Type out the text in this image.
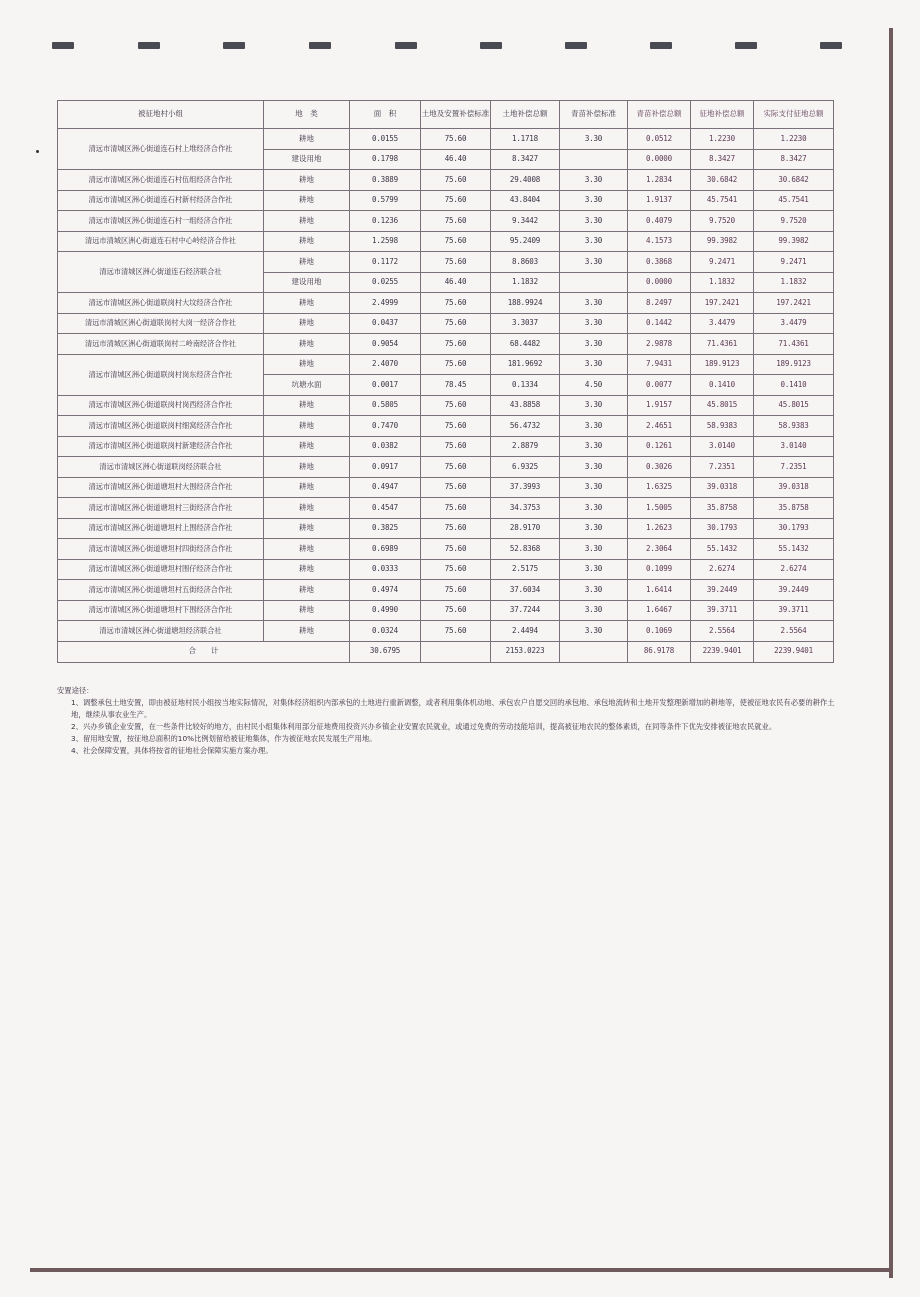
被征地村小组	地　类	面　积	土地及安置补偿标准	土地补偿总额	青苗补偿标准	青苗补偿总额	征地补偿总额	实际支付征地总额
清远市清城区洲心街道连石村上堆经济合作社	耕地	0.0155	75.60	1.1718	3.30	0.0512	1.2230	1.2230
	建设用地	0.1798	46.40	8.3427		0.0000	8.3427	8.3427
清远市清城区洲心街道连石村伍组经济合作社	耕地	0.3889	75.60	29.4008	3.30	1.2834	30.6842	30.6842
清远市清城区洲心街道连石村新村经济合作社	耕地	0.5799	75.60	43.8404	3.30	1.9137	45.7541	45.7541
清远市清城区洲心街道连石村一组经济合作社	耕地	0.1236	75.60	9.3442	3.30	0.4079	9.7520	9.7520
清远市清城区洲心街道连石村中心岭经济合作社	耕地	1.2598	75.60	95.2409	3.30	4.1573	99.3982	99.3982
清远市清城区洲心街道连石经济联合社	耕地	0.1172	75.60	8.8603	3.30	0.3868	9.2471	9.2471
	建设用地	0.0255	46.40	1.1832		0.0000	1.1832	1.1832
清远市清城区洲心街道联岗村大坟经济合作社	耕地	2.4999	75.60	188.9924	3.30	8.2497	197.2421	197.2421
清远市清城区洲心街道联岗村大岗一经济合作社	耕地	0.0437	75.60	3.3037	3.30	0.1442	3.4479	3.4479
清远市清城区洲心街道联岗村二岭南经济合作社	耕地	0.9054	75.60	68.4482	3.30	2.9878	71.4361	71.4361
清远市清城区洲心街道联岗村岗东经济合作社	耕地	2.4070	75.60	181.9692	3.30	7.9431	189.9123	189.9123
	坑塘水面	0.0017	78.45	0.1334	4.50	0.0077	0.1410	0.1410
清远市清城区洲心街道联岗村岗西经济合作社	耕地	0.5805	75.60	43.8858	3.30	1.9157	45.8015	45.8015
清远市清城区洲心街道联岗村细窝经济合作社	耕地	0.7470	75.60	56.4732	3.30	2.4651	58.9383	58.9383
清远市清城区洲心街道联岗村新建经济合作社	耕地	0.0382	75.60	2.8879	3.30	0.1261	3.0140	3.0140
清远市清城区洲心街道联岗经济联合社	耕地	0.0917	75.60	6.9325	3.30	0.3026	7.2351	7.2351
清远市清城区洲心街道塘坦村大围经济合作社	耕地	0.4947	75.60	37.3993	3.30	1.6325	39.0318	39.0318
清远市清城区洲心街道塘坦村三街经济合作社	耕地	0.4547	75.60	34.3753	3.30	1.5005	35.8758	35.8758
清远市清城区洲心街道塘坦村上围经济合作社	耕地	0.3825	75.60	28.9170	3.30	1.2623	30.1793	30.1793
清远市清城区洲心街道塘坦村四街经济合作社	耕地	0.6989	75.60	52.8368	3.30	2.3064	55.1432	55.1432
清远市清城区洲心街道塘坦村围仔经济合作社	耕地	0.0333	75.60	2.5175	3.30	0.1099	2.6274	2.6274
清远市清城区洲心街道塘坦村五街经济合作社	耕地	0.4974	75.60	37.6034	3.30	1.6414	39.2449	39.2449
清远市清城区洲心街道塘坦村下围经济合作社	耕地	0.4990	75.60	37.7244	3.30	1.6467	39.3711	39.3711
清远市清城区洲心街道塘坦经济联合社	耕地	0.0324	75.60	2.4494	3.30	0.1069	2.5564	2.5564
合　　计		30.6795		2153.0223		86.9178	2239.9401	2239.9401

安置途径：

1、调整承包土地安置，即由被征地村民小组按当地实际情况，对集体经济组织内部承包的土地进行重新调整，或者利用集体机动地、承包农户自愿交回的承包地、承包地流转和土地开发整理新增加的耕地等，使被征地农民有必要的耕作土地，继续从事农业生产。

2、兴办乡镇企业安置，在一些条件比较好的地方，由村民小组集体利用部分征地费用投资兴办乡镇企业安置农民就业，或通过免费的劳动技能培训，提高被征地农民的整体素质，在同等条件下优先安排被征地农民就业。

3、留用地安置，按征地总面积的10%比例划留给被征地集体，作为被征地农民发展生产用地。

4、社会保障安置，具体将按省的征地社会保障实施方案办理。
